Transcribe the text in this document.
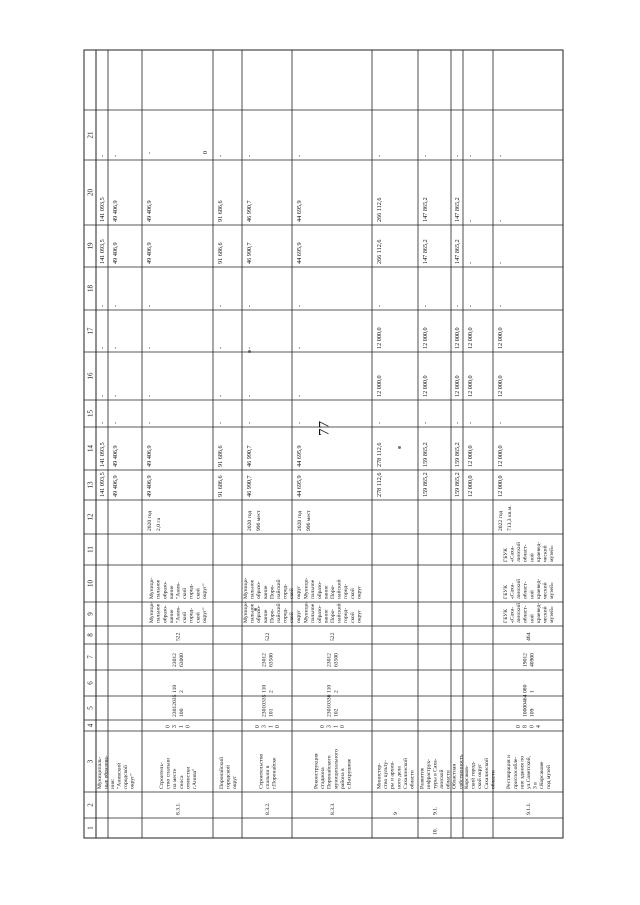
77
1
2
3
4
5
6
7
8
9
10
11
12
13
14
15
16
17
18
19
20
21
Муниципаль- ные образова- ния:
141 093,5
141 093,5
-
-
-
-
141 093,5
141 093,5
-
"Анивский городской округ"
49 406,9
49 406,9
-
-
-
-
49 406,9
49 406,9
-
8.3.1.
Строитель- ство спальни на месте сноса отмостки г.Анива"
0 3 1 0
23012035 100
110 2
23012 63000
522
Муници- пальное образо- вание "Анив- ский город- ской округ"
Муници- пальное образо- вание "Анив- ский город- ской округ"
2020 год 2,0 га
49 406,9
49 406,9
-
-
-
-
49 406,9
49 406,9
-	0
Поронайский городской округ
91 686,6
91 686,6
-
-
-
-
91 686,6
91 686,6
-
8.3.2.
Строительство спальни в г.Поронайске
0 3 1 0
23010335 101
110 2
23012 63500
522
Муници- пальное образо- вание Поро- найский город- ской округ
Муници- пальное образо- вание Поро- найский город- ской округ
2020 год 996 мест
46 990,7
46 990,7
-
-
-
-
46 990,7
46 990,7
-
8.3.3.
Реконструкция стадиона Поронайского муниципального района в с.Вахрушеве
0 3 1 0
23010336 102
110 2
23012 63500
522
Муници- пальное образо- вание Поро- найский город- ской округ
Муници- пальное образо- вание Поро- найский город- ской округ
2020 год 996 мест
44 695,9
44 695,9
-
-
-
-
44 695,9
44 695,9
-
9
Министер- ство культу- ры и архив- ного дела Сахалинской области
278 112,6
278 112,6
-
12 000,0
12 000,0
-
266 112,6
266 112,6
-
10.
9.1.
Развитие инфраструк- туры в Саха- линской области
159 865,2
159 865,2
-
12 000,0
12 000,0
-
147 865,2
147 865,2
-
Областная собственность
159 865,2
159 865,2
-
12 000,0
12 000,0
-
147 865,2
147 865,2
-
Корсаков- ский город- ской округ Сахалинской области
12 000,0
12 000,0
-
12 000,0
12 000,0
-
-
-
-
9.1.1.
Реставрация и приспособле- ние здания по ул.Советской, 3 в г.Корсакове под музей
0 8 0 4
10000464 109
080 1
19012 40900
464
ГБУК «Саха- линский област- ной краевед- ческий музей»
ГБУК «Саха- линский област- ной краевед- ческий музей»
ГБУК «Саха- линский област- ной краевед- ческий музей»
2022 год 713,3 кв.м.
12 000,0
12 000,0
-
12 000,0
12 000,0
-
-
-
-
